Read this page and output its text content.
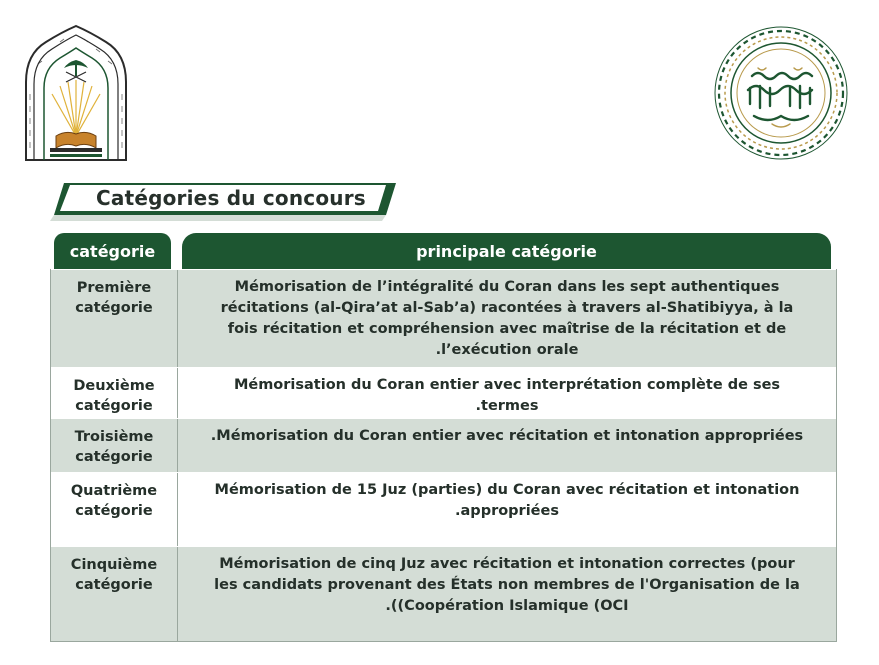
Catégories du concours
catégorie	principale catégorie
Première catégorie
Mémorisation de l’intégralité du Coran dans les sept authentiques
récitations (al-Qira’at al-Sab’a) racontées à travers al-Shatibiyya, à la
fois récitation et compréhension avec maîtrise de la récitation et de
.l’exécution orale
Deuxième catégorie
Mémorisation du Coran entier avec interprétation complète de ses
.termes
Troisième catégorie
.Mémorisation du Coran entier avec récitation et intonation appropriées
Quatrième catégorie
Mémorisation de 15 Juz (parties) du Coran avec récitation et intonation
.appropriées
Cinquième catégorie
Mémorisation de cinq Juz avec récitation et intonation correctes (pour
les candidats provenant des États non membres de l'Organisation de la
.((Coopération Islamique (OCI
